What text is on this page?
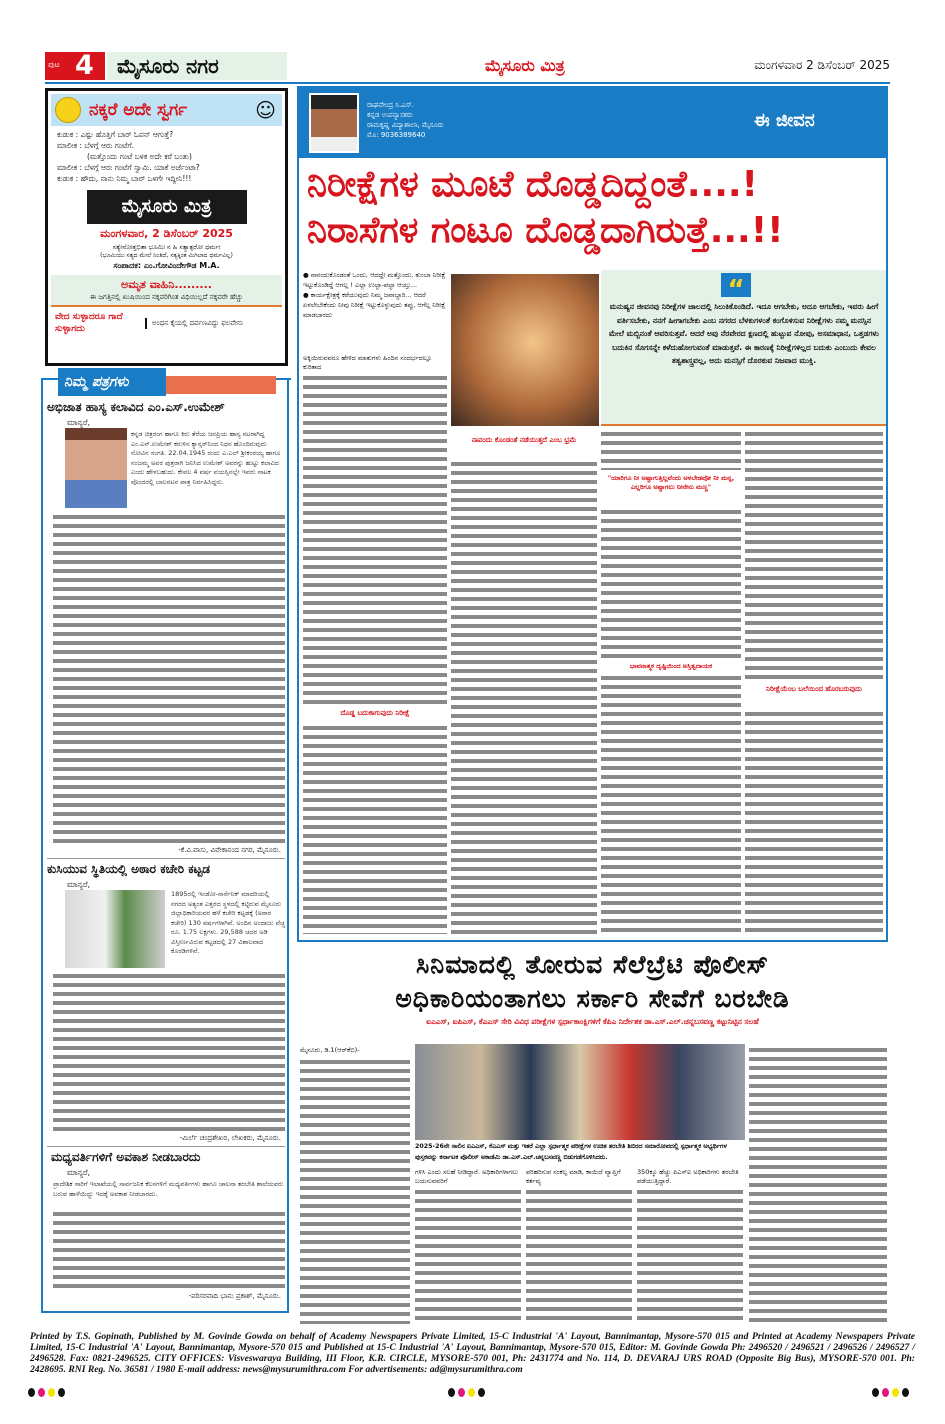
ಪುಟ 4	ಮೈಸೂರು ನಗರ	ಮೈಸೂರು ಮಿತ್ರ	ಮಂಗಳವಾರ 2 ಡಿಸೆಂಬರ್ 2025
ನಕ್ಕರೆ ಅದೇ ಸ್ವರ್ಗ	☺
ಕುಡುಕ : ಎಷ್ಟು ಹೊತ್ತಿಗೆ ಬಾರ್ ಓಪನ್ ಆಗುತ್ತೆ?
ಮಾಲೀಕ : ಬೆಳಗ್ಗೆ ಆರು ಗಂಟೆಗೆ.
(ಮತ್ತೊಂದು ಗಂಟೆ ಬಳಿಕ ಅದೇ ಕರೆ ಬಂತು)
ಮಾಲೀಕ : ಬೆಳಗ್ಗೆ ಆರು ಗಂಟೆಗೆ ಸ್ವಾಮಿ. ಯಾಕೆ ಅರ್ಜೆಂಟಾ?
ಕುಡುಕ : ಹೌದು, ನಾನು ನಿಮ್ಮ ಬಾರ್ ಒಳಗೇ ಇದ್ದೀನಿ!!!
ಮೈಸೂರು ಮಿತ್ರ
ಮಂಗಳವಾರ, 2 ಡಿಸೆಂಬರ್ 2025
ಸತ್ಯೇನೋತ್ತಭಿತಾ ಭೂಮಿಃ ನ ಹಿ ಸತ್ಯಾತ್ಪರೋ ಧರ್ಮಃ
(ಭೂಮಿಯು ಸತ್ಯದ ಮೇಲೆ ನಿಂತಿದೆ, ಸತ್ಯಕ್ಕಿಂತ ಮಿಗಿಲಾದ ಧರ್ಮವಿಲ್ಲ)
ಸಂಪಾದಕ: ಎಂ.ಗೋವಿಂದೇಗೌಡ M.A.
ಅಮೃತ ವಾಹಿನಿ.........
ಈ ಜಗತ್ತಿನಲ್ಲಿ ಖುಷಿಯಿಂದ ನಕ್ಕವರಿಗಿಂತ ವಿಧಿಯಿಲ್ಲದೆ ನಕ್ಕವರೇ ಹೆಚ್ಚು
ವೇದ ಸುಳ್ಳಾದರೂ ಗಾದೆ ಸುಳ್ಳಾಗದು
ಅಂಧನ ಕೈಯಲ್ಲಿ ದರ್ಪಣವಿದ್ದು ಫಲವೇನು
ನಿಮ್ಮ ಪತ್ರಗಳು
ಅಭಿಜಾತ ಹಾಸ್ಯ ಕಲಾವಿದ ಎಂ.ಎಸ್.ಉಮೇಶ್
ಮಾನ್ಯರೆ,
ಕನ್ನಡ ಚಿತ್ರರಂಗ ಹಾಗೂ ಕಿರು ತೆರೆಯ ಜನಪ್ರಿಯ ಹಾಸ್ಯ ನಟರಾಗಿದ್ದ ಎಂ.ಎಸ್.ಉಮೇಶ್ ಕರುಳಿನ ಕ್ಯಾನ್ಸರ್‌ನಿಂದ ನಿಧನ ಹೊಂದಿರುವುದು ನೋವಿನ ಸಂಗತಿ. 22.04.1945 ರಂದು ಎ.ಎಲ್ ಶ್ರೀಕಂಠಯ್ಯ ಹಾಗೂ ನಂಜಮ್ಮ ಅವರ ಪುತ್ರರಾಗಿ ಜನಿಸಿದ ಉಮೇಶ್ ಅವರನ್ನು ಹುಟ್ಟು ಕಲಾವಿದ ಎಂದು ಹೇಳಬಹುದು. ಕೇವಲ 4 ವರ್ಷ ವಯಸ್ಸಿನಲ್ಲೇ ಇವರು ನಾಟಕ ವೊಂದರಲ್ಲಿ ಬಾಲನಟನ ಪಾತ್ರ ನಿರ್ವಹಿಸಿದ್ದರು.
-ಕೆ.ವಿ.ವಾಸು, ವಿವೇಕಾನಂದ ನಗರ, ಮೈಸೂರು.
ಕುಸಿಯುವ ಸ್ಥಿತಿಯಲ್ಲಿ ಅಠಾರ ಕಚೇರಿ ಕಟ್ಟಡ
ಮಾನ್ಯರೆ,
1895ರಲ್ಲಿ ಇಂಡೋ-ಸಾರ್ಸೆನಿಕ್ ಮಾದರಿಯಲ್ಲಿ ನಗರದ ಅತ್ಯಂತ ಎತ್ತರದ ಸ್ಥಳದಲ್ಲಿ ಕಟ್ಟಿರುವ ಮೈಸೂರು ಜಿಲ್ಲಾಧಿಕಾರಿಯವರ ಹಳೆ ಕಚೇರಿ ಕಟ್ಟಡಕ್ಕೆ (ಅಠಾರ ಕಚೇರಿ) 130 ವರ್ಷಗಳಾಗಿವೆ. ಅಂದಿನ ಅಂದಾಜು ವೆಚ್ಚ ರೂ. 1.75 ಲಕ್ಷಗಳು. 29,588 ಚದರ ಅಡಿ ವಿಸ್ತೀರ್ಣವಿರುವ ಕಟ್ಟಡದಲ್ಲಿ 27 ವಿಶಾಲವಾದ ಕೊಠಡಿಗಳಿವೆ.
-ಮಿರ್ಲೆ ಚಂದ್ರಶೇಖರ, ಲೇಖಕರು, ಮೈಸೂರು.
ಮಧ್ಯವರ್ತಿಗಳಿಗೆ ಅವಕಾಶ ನೀಡಬಾರದು
ಮಾನ್ಯರೆ,
ಪ್ರಾದೇಶಿಕ ಸಾರಿಗೆ ಇಲಾಖೆಯಲ್ಲಿ ಸಾರ್ವಜನಿಕ ಕೆಲಸಗಳಿಗೆ ಮಧ್ಯವರ್ತಿಗಳು ಹಾಗೂ ಚಾಲನಾ ತರಬೇತಿ ಶಾಲೆಯವರು ಬರುವ ಹಾಳೆಯಿದ್ದು ಇದಕ್ಕೆ ಅವಕಾಶ ನೀಡಬಾರದು.
-ಪರಿಸರವಾದಿ ಭಾನು ಪ್ರಕಾಶ್, ಮೈಸೂರು.
ರಾಘವೇಂದ್ರ ಸಿ.ಎಸ್.
ಕನ್ನಡ ಉಪನ್ಯಾಸಕರು
ರಾಮಕೃಷ್ಣ ವಿದ್ಯಾಶಾಲಾ, ಮೈಸೂರು
ಮೊ: 9036389640
ಈ ಜೀವನ
ನಿರೀಕ್ಷೆಗಳ ಮೂಟೆ ದೊಡ್ಡದಿದ್ದಂತೆ....!
ನಿರಾಸೆಗಳ ಗಂಟೂ ದೊಡ್ಡದಾಗಿರುತ್ತೆ...!!
● ನಾನಂದುಕೊಂಡಂತೆ ಒಂದು, ಆದದ್ದೇ ಮತ್ತೊಂದು, ತುಂಬಾ ನಿರೀಕ್ಷೆ ಇಟ್ಟುಕೊಂಡಿದ್ದೆ ಆಗಲ್ಲ ! ಎಲ್ಲಾ ಉಲ್ಟಾ-ಪಲ್ಟಾ ಆಯ್ತು...
● ಕಾರ್ಯಕ್ಷೇತ್ರಕ್ಕೆ ಕರೆಯುವುದು ನಿಮ್ಮ ಜವಾಬ್ದಾರಿ... ಆದರೆ ಏಳಲೇಬೇಕೆಂದು ನೀವು ನಿರೀಕ್ಷೆ ಇಟ್ಟುಕೊಳ್ಳುವುದು ತಪ್ಪು, ಆಗೆಲ್ಲ ನಿರೀಕ್ಷೆ ಮಾಡಬಾರದು
ಅಕ್ಕಿಯಿರುವವರೂ ಹೇಳಿದ ಮಾತುಗಳು ಹಿಂದಿನ ಸಂದರ್ಭದಲ್ಲೂ ಕುರಿತಾದ
ದೊಡ್ಡ ಬದುಕಾಗುವುದು ನಿರೀಕ್ಷೆ
“
ಮನುಷ್ಯನ ಜೀವನವು ನಿರೀಕ್ಷೆಗಳ ಜಾಲದಲ್ಲಿ ಸಿಲುಕಿಕೊಂಡಿದೆ. ಇದೂ ಆಗಬೇಕು, ಅದೂ ಆಗಬೇಕು, ಇವರು ಹೀಗೆ ವರ್ತಿಸಬೇಕು, ನನಗೆ ಹೀಗಾಗಬೇಕು ಎಂಬ ನಗರದ ಬೆಳಕುಗಳಂತೆ ಕಂಗೊಳಿಸುವ ನಿರೀಕ್ಷೆಗಳು ನಮ್ಮ ಮನಸ್ಸಿನ ಮೇಲೆ ಮಬ್ಬಿನಂತೆ ಆವರಿಸುತ್ತವೆ. ಆದರೆ ಅವು ನೆರವೇರದ ಕ್ಷಣದಲ್ಲಿ ಹುಟ್ಟುವ ನೋವು, ಅಸಮಾಧಾನ, ಒತ್ತಡಗಳು ಬದುಕಿನ ಸೊಗಸನ್ನೇ ಕಳೆದುಹೋಗುವಂತೆ ಮಾಡುತ್ತವೆ. ಈ ಕಾರಣಕ್ಕೆ ನಿರೀಕ್ಷೆಗಳಿಲ್ಲದ ಬದುಕು ಎಂಬುದು ಕೇವಲ ತತ್ವಶಾಸ್ತ್ರವಲ್ಲ, ಅದು ಮನಸ್ಸಿಗೆ ದೊರಕುವ ನಿಜವಾದ ಮುಕ್ತಿ.
ನಾವಂದು ಕೊಂಡಂತೆ ನಡೆಯುತ್ತದೆ ಎಂಬ ಭ್ರಮೆ
"ಯಾರಿಗೂ ನೀ ಅಷ್ಟಾಗುತ್ತಿಲ್ಲವೆಂದು ಅಳಬೇಡವೋ ನೀ ಮನ್ನ, ಎಲ್ಲರಿಗೂ ಅಷ್ಟಾಗಲು ನೀನೇನು ಮಣ್ಣ"
ಭಾವನಾತ್ಮಕ ದೃಷ್ಟಿಯಿಂದ ಅಸ್ತಿತ್ವದಾಯಕ
ನಿರೀಕ್ಷೆಯೆಂಬ ಬಲೆಯಿಂದ ಹೊರಬರುವುದು
ಸಿನಿಮಾದಲ್ಲಿ ತೋರುವ ಸೆಲೆಬ್ರೆಟಿ ಪೊಲೀಸ್
ಅಧಿಕಾರಿಯಂತಾಗಲು ಸರ್ಕಾರಿ ಸೇವೆಗೆ ಬರಬೇಡಿ
ಐಎಎಸ್, ಐಪಿಎಸ್, ಕೆಎಎಸ್ ಸೇರಿ ವಿವಿಧ ಪರೀಕ್ಷೆಗಳ ಸ್ಪರ್ಧಾಕಾಂಕ್ಷಿಗಳಿಗೆ ಕೆಪಿಎ ನಿರ್ದೇಶಕ ಡಾ.ಎಸ್.ಎಲ್.ಚನ್ನಬಸವಣ್ಣ ಕಟ್ಟುನಿಟ್ಟಿನ ಸಲಹೆ
ಮೈಸೂರು, ಡಿ.1(ಆರ್‌ಕೆಬಿ)-
2025-26ನೇ ಸಾಲಿನ ಐಎಎಸ್, ಕೆಎಎಸ್ ಮತ್ತು ಇತರೆ ಎಲ್ಲಾ ಸ್ಪರ್ಧಾತ್ಮಕ ಪರೀಕ್ಷೆಗಳ ಉಚಿತ ತರಬೇತಿ ಶಿಬಿರದ ಸಮಾರೋಪದಲ್ಲಿ ಸ್ಪರ್ಧಾತ್ಮಕ ಅಭ್ಯರ್ಥಿಗಳ ಪುಸ್ತಕವನ್ನು ಕರ್ನಾಟಕ ಪೊಲೀಸ್ ಅಕಾಡೆಮಿ ಡಾ.ಎಸ್.ಎಲ್.ಚನ್ನಬಸವಣ್ಣ ಬಿಡುಗಡೆಗೊಳಿಸಿದರು.
ಗಳಿಸಿ ಎಂದು ಸಲಹೆ ನೀಡಿದ್ದಾರೆ. ಅಧಿಕಾರಿಗಳಾಗಲು ಬಯಸುವವರಿಗೆ
ಪರಿಹರಿಸುವ ಸಂಕಲ್ಪ ಮಾಡಿ, ಕಾಯಿದೆ ವ್ಯಾಪ್ತಿಗೆ ಕರ್ತವ್ಯ
350ಕ್ಕೂ ಹೆಚ್ಚು ಪಿಎಸ್‌ಐ ಅಧಿಕಾರಿಗಳು ತರಬೇತಿ ಪಡೆಯುತ್ತಿದ್ದಾರೆ.
Printed by T.S. Gopinath, Published by M. Govinde Gowda on behalf of Academy Newspapers Private Limited, 15-C Industrial 'A' Layout, Bannimantap, Mysore-570 015 and Printed at Academy Newspapers Private Limited, 15-C Industrial 'A' Layout, Bannimantap, Mysore-570 015 and Published at 15-C Industrial 'A' Layout, Bannimantap, Mysore-570 015, Editor: M. Govinde Gowda Ph: 2496520 / 2496521 / 2496526 / 2496527 / 2496528. Fax: 0821-2496525. CITY OFFICES: Visveswaraya Building, III Floor, K.R. CIRCLE, MYSORE-570 001, Ph: 2431774 and No. 114, D. DEVARAJ URS ROAD (Opposite Big Bus), MYSORE-570 001. Ph: 2428695. RNI Reg. No. 36581 / 1980 E-mail address: news@mysurumithra.com For advertisements: ad@mysurumithra.com
